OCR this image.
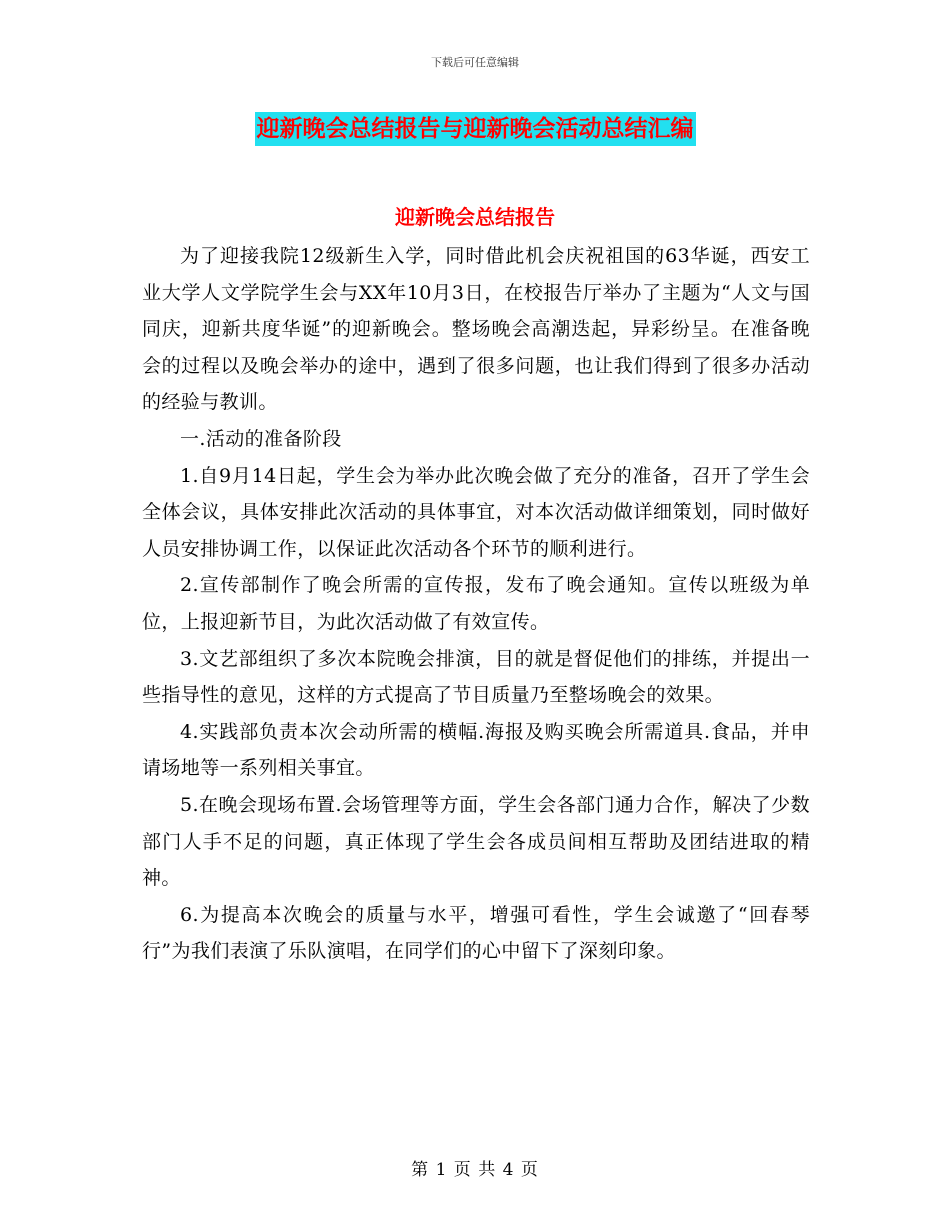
下载后可任意编辑
迎新晚会总结报告与迎新晚会活动总结汇编
迎新晚会总结报告

为了迎接我院12级新生入学，同时借此机会庆祝祖国的63华诞，西安工业大学人文学院学生会与XX年10月3日，在校报告厅举办了主题为“人文与国同庆，迎新共度华诞”的迎新晚会。整场晚会高潮迭起，异彩纷呈。在准备晚会的过程以及晚会举办的途中，遇到了很多问题，也让我们得到了很多办活动的经验与教训。

一.活动的准备阶段

1.自9月14日起，学生会为举办此次晚会做了充分的准备，召开了学生会全体会议，具体安排此次活动的具体事宜，对本次活动做详细策划，同时做好人员安排协调工作，以保证此次活动各个环节的顺利进行。

2.宣传部制作了晚会所需的宣传报，发布了晚会通知。宣传以班级为单位，上报迎新节目，为此次活动做了有效宣传。

3.文艺部组织了多次本院晚会排演，目的就是督促他们的排练，并提出一些指导性的意见，这样的方式提高了节目质量乃至整场晚会的效果。

4.实践部负责本次会动所需的横幅.海报及购买晚会所需道具.食品，并申请场地等一系列相关事宜。

5.在晚会现场布置.会场管理等方面，学生会各部门通力合作，解决了少数部门人手不足的问题，真正体现了学生会各成员间相互帮助及团结进取的精神。

6.为提高本次晚会的质量与水平，增强可看性，学生会诚邀了“回春琴行”为我们表演了乐队演唱，在同学们的心中留下了深刻印象。

第 1 页 共 4 页
